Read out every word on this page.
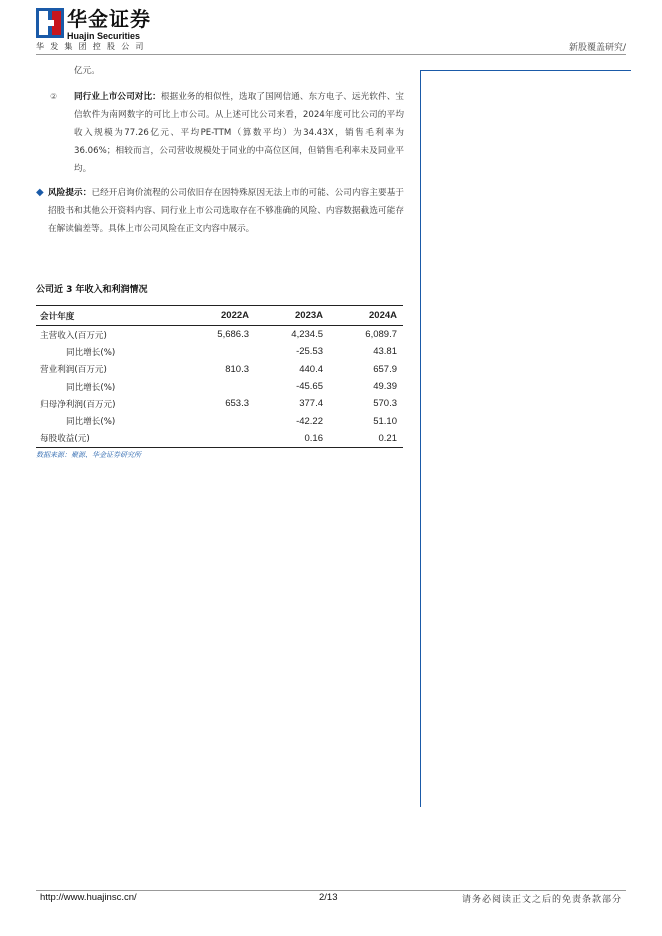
华金证券
Huajin Securities
华发集团控股公司	新股覆盖研究/
亿元。
② 同行业上市公司对比：根据业务的相似性，选取了国网信通、东方电子、远光软件、宝信软件为南网数字的可比上市公司。从上述可比公司来看，2024年度可比公司的平均收入规模为77.26亿元、平均PE-TTM（算数平均）为34.43X，销售毛利率为36.06%；相较而言，公司营收规模处于同业的中高位区间，但销售毛利率未及同业平均。
◆ 风险提示：已经开启询价流程的公司依旧存在因特殊原因无法上市的可能、公司内容主要基于招股书和其他公开资料内容、同行业上市公司选取存在不够准确的风险、内容数据截选可能存在解读偏差等。具体上市公司风险在正文内容中展示。
公司近 3 年收入和利润情况
会计年度	2022A	2023A	2024A
主营收入(百万元)	5,686.3	4,234.5	6,089.7
同比增长(%)		-25.53	43.81
营业利润(百万元)	810.3	440.4	657.9
同比增长(%)		-45.65	49.39
归母净利润(百万元)	653.3	377.4	570.3
同比增长(%)		-42.22	51.10
每股收益(元)		0.16	0.21
数据来源：聚源、华金证券研究所
http://www.huajinsc.cn/	2/13	请务必阅读正文之后的免责条款部分
